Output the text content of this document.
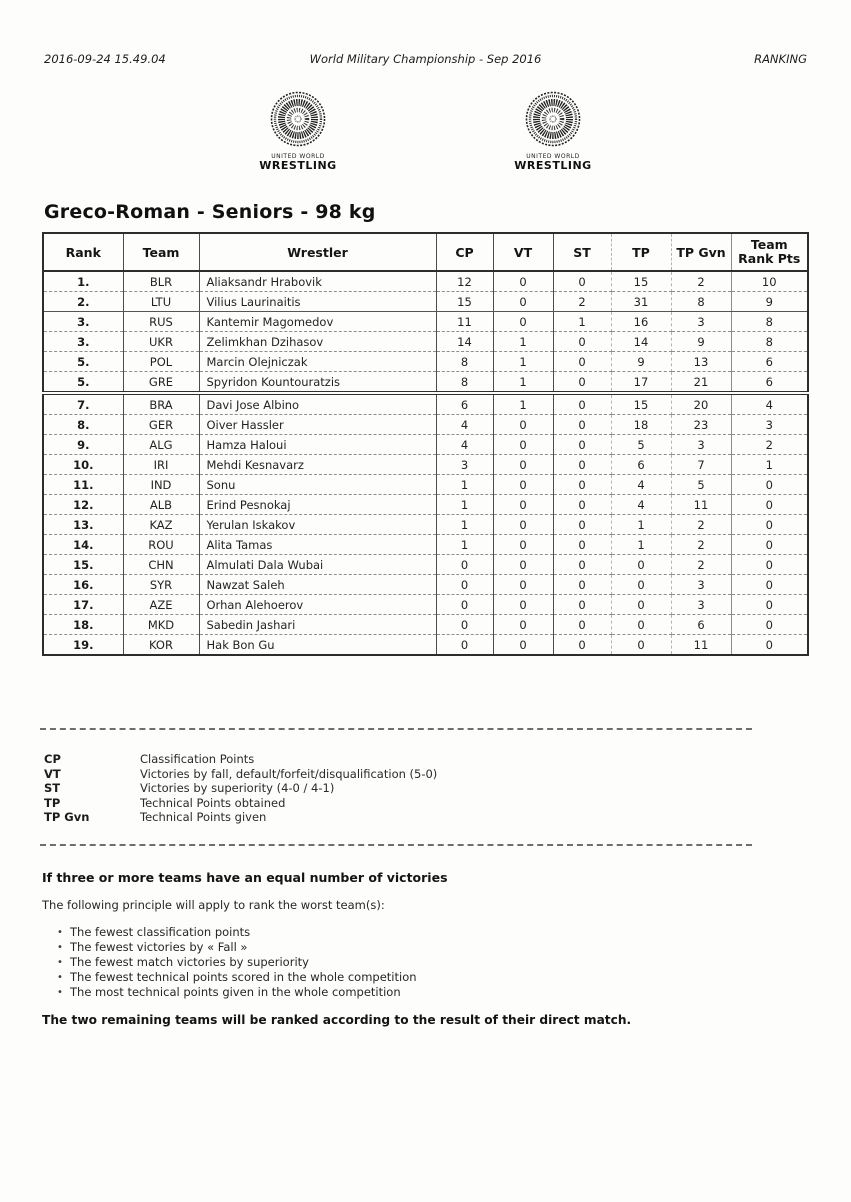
2016-09-24 15.49.04	World Military Championship - Sep 2016	RANKING
UNITED WORLD
WRESTLING
UNITED WORLD
WRESTLING
Greco-Roman - Seniors - 98 kg
Rank	Team	Wrestler	CP	VT	ST	TP	TP Gvn	Team
Rank Pts

1.	BLR	Aliaksandr Hrabovik	12	0	0	15	2	10
2.	LTU	Vilius Laurinaitis	15	0	2	31	8	9
3.	RUS	Kantemir Magomedov	11	0	1	16	3	8
3.	UKR	Zelimkhan Dzihasov	14	1	0	14	9	8
5.	POL	Marcin Olejniczak	8	1	0	9	13	6
5.	GRE	Spyridon Kountouratzis	8	1	0	17	21	6
7.	BRA	Davi Jose Albino	6	1	0	15	20	4
8.	GER	Oiver Hassler	4	0	0	18	23	3
9.	ALG	Hamza Haloui	4	0	0	5	3	2
10.	IRI	Mehdi Kesnavarz	3	0	0	6	7	1
11.	IND	Sonu	1	0	0	4	5	0
12.	ALB	Erind Pesnokaj	1	0	0	4	11	0
13.	KAZ	Yerulan Iskakov	1	0	0	1	2	0
14.	ROU	Alita Tamas	1	0	0	1	2	0
15.	CHN	Almulati Dala Wubai	0	0	0	0	2	0
16.	SYR	Nawzat Saleh	0	0	0	0	3	0
17.	AZE	Orhan Alehoerov	0	0	0	0	3	0
18.	MKD	Sabedin Jashari	0	0	0	0	6	0
19.	KOR	Hak Bon Gu	0	0	0	0	11	0
CP	Classification Points
VT	Victories by fall, default/forfeit/disqualification (5-0)
ST	Victories by superiority (4-0 / 4-1)
TP	Technical Points obtained
TP Gvn	Technical Points given
If three or more teams have an equal number of victories
The following principle will apply to rank the worst team(s):
• The fewest classification points
• The fewest victories by « Fall »
• The fewest match victories by superiority
• The fewest technical points scored in the whole competition
• The most technical points given in the whole competition
The two remaining teams will be ranked according to the result of their direct match.
